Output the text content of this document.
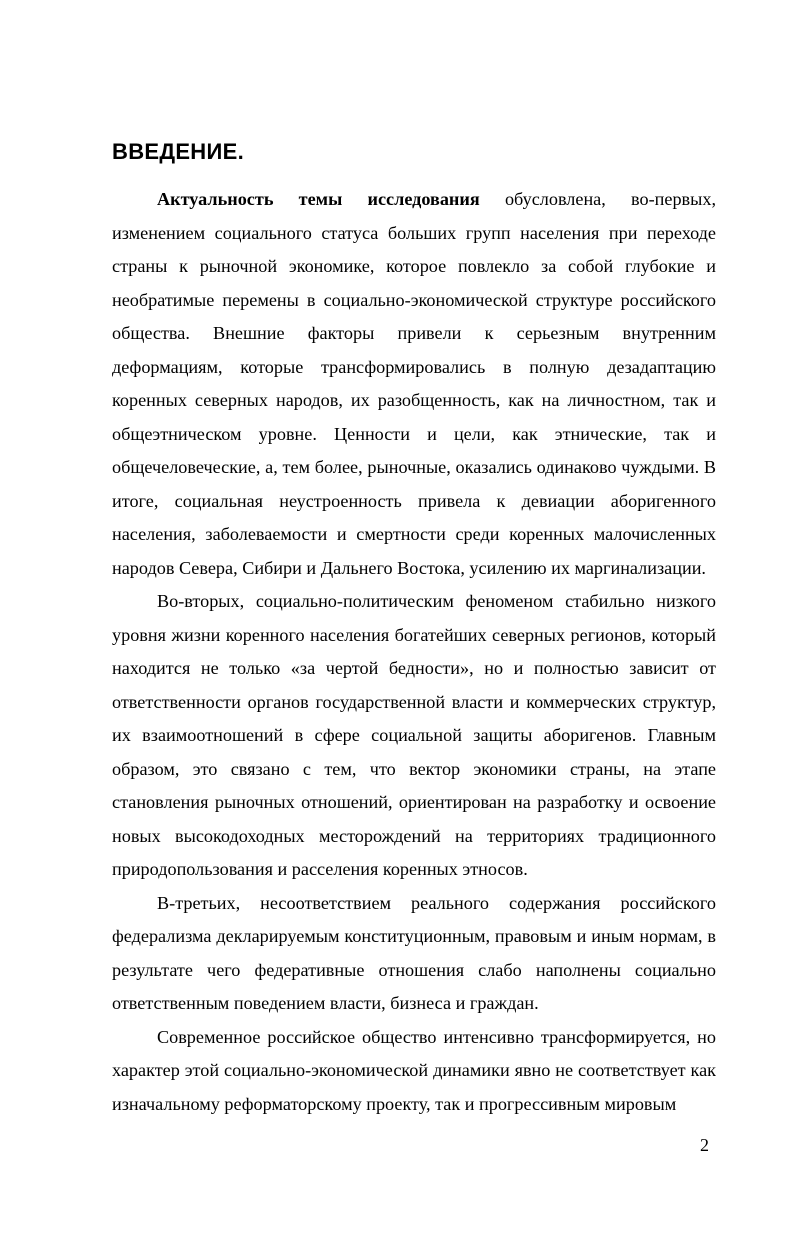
ВВЕДЕНИЕ.

Актуальность темы исследования обусловлена, во-первых, изменением социального статуса больших групп населения при переходе страны к рыночной экономике, которое повлекло за собой глубокие и необратимые перемены в социально-экономической структуре российского общества. Внешние факторы привели к серьезным внутренним деформациям, которые трансформировались в полную дезадаптацию коренных северных народов, их разобщенность, как на личностном, так и общеэтническом уровне. Ценности и цели, как этнические, так и общечеловеческие, а, тем более, рыночные, оказались одинаково чуждыми. В итоге, социальная неустроенность привела к девиации аборигенного населения, заболеваемости и смертности среди коренных малочисленных народов Севера, Сибири и Дальнего Востока, усилению их маргинализации.

Во-вторых, социально-политическим феноменом стабильно низкого уровня жизни коренного населения богатейших северных регионов, который находится не только «за чертой бедности», но и полностью зависит от ответственности органов государственной власти и коммерческих структур, их взаимоотношений в сфере социальной защиты аборигенов. Главным образом, это связано с тем, что вектор экономики страны, на этапе становления рыночных отношений, ориентирован на разработку и освоение новых высокодоходных месторождений на территориях традиционного природопользования и расселения коренных этносов.

В-третьих, несоответствием реального содержания российского федерализма декларируемым конституционным, правовым и иным нормам, в результате чего федеративные отношения слабо наполнены социально ответственным поведением власти, бизнеса и граждан.

Современное российское общество интенсивно трансформируется, но характер этой социально-экономической динамики явно не соответствует как изначальному реформаторскому проекту, так и прогрессивным мировым

2
